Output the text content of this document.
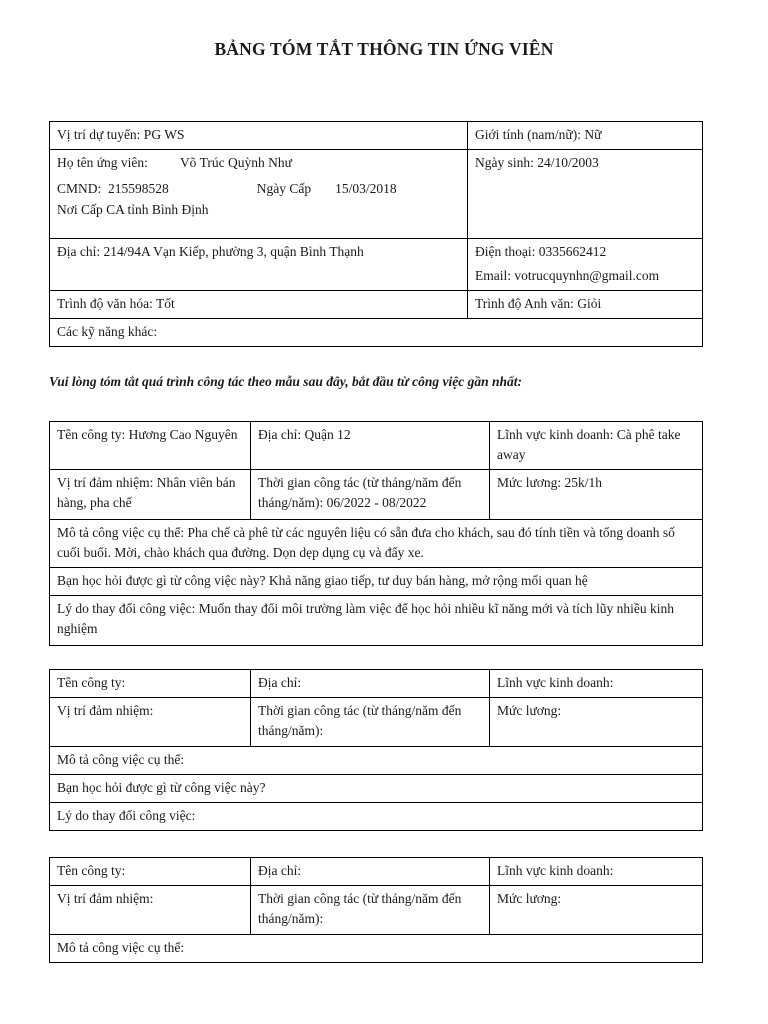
BẢNG TÓM TẮT THÔNG TIN ỨNG VIÊN
Vị trí dự tuyển: PG WS	Giới tính (nam/nữ): Nữ

Họ tên ứng viên: Võ Trúc Quỳnh Như
CMND: 215598528 Ngày Cấp 15/03/2018
Nơi Cấp CA tỉnh Bình Định	Ngày sinh: 24/10/2003
Địa chỉ: 214/94A Vạn Kiếp, phường 3, quận Bình Thạnh	Điện thoại: 0335662412
Email: votrucquynhn@gmail.com

Trình độ văn hóa: Tốt	Trình độ Anh văn: Giỏi
Các kỹ năng khác:	
Vui lòng tóm tắt quá trình công tác theo mẫu sau đây, bắt đầu từ công việc gần nhất:
Tên công ty: Hương Cao Nguyên	Địa chỉ: Quận 12	Lĩnh vực kinh doanh: Cà phê take away
Vị trí đảm nhiệm: Nhân viên bán hàng, pha chế	Thời gian công tác (từ tháng/năm đến tháng/năm): 06/2022 - 08/2022	Mức lương: 25k/1h
Mô tả công việc cụ thể: Pha chế cà phê từ các nguyên liệu có sẵn đưa cho khách, sau đó tính tiền và tổng doanh số cuối buổi. Mời, chào khách qua đường. Dọn dẹp dụng cụ và đẩy xe.		
Bạn học hỏi được gì từ công việc này? Khả năng giao tiếp, tư duy bán hàng, mở rộng mối quan hệ		
Lý do thay đổi công việc: Muốn thay đổi môi trường làm việc để học hỏi nhiều kĩ năng mới và tích lũy nhiều kinh nghiệm		
Tên công ty:	Địa chỉ:	Lĩnh vực kinh doanh:
Vị trí đảm nhiệm:	Thời gian công tác (từ tháng/năm đến tháng/năm):	Mức lương:
Mô tả công việc cụ thể:		
Bạn học hỏi được gì từ công việc này?		
Lý do thay đổi công việc:		
Tên công ty:	Địa chỉ:	Lĩnh vực kinh doanh:
Vị trí đảm nhiệm:	Thời gian công tác (từ tháng/năm đến tháng/năm):	Mức lương:
Mô tả công việc cụ thể:		
